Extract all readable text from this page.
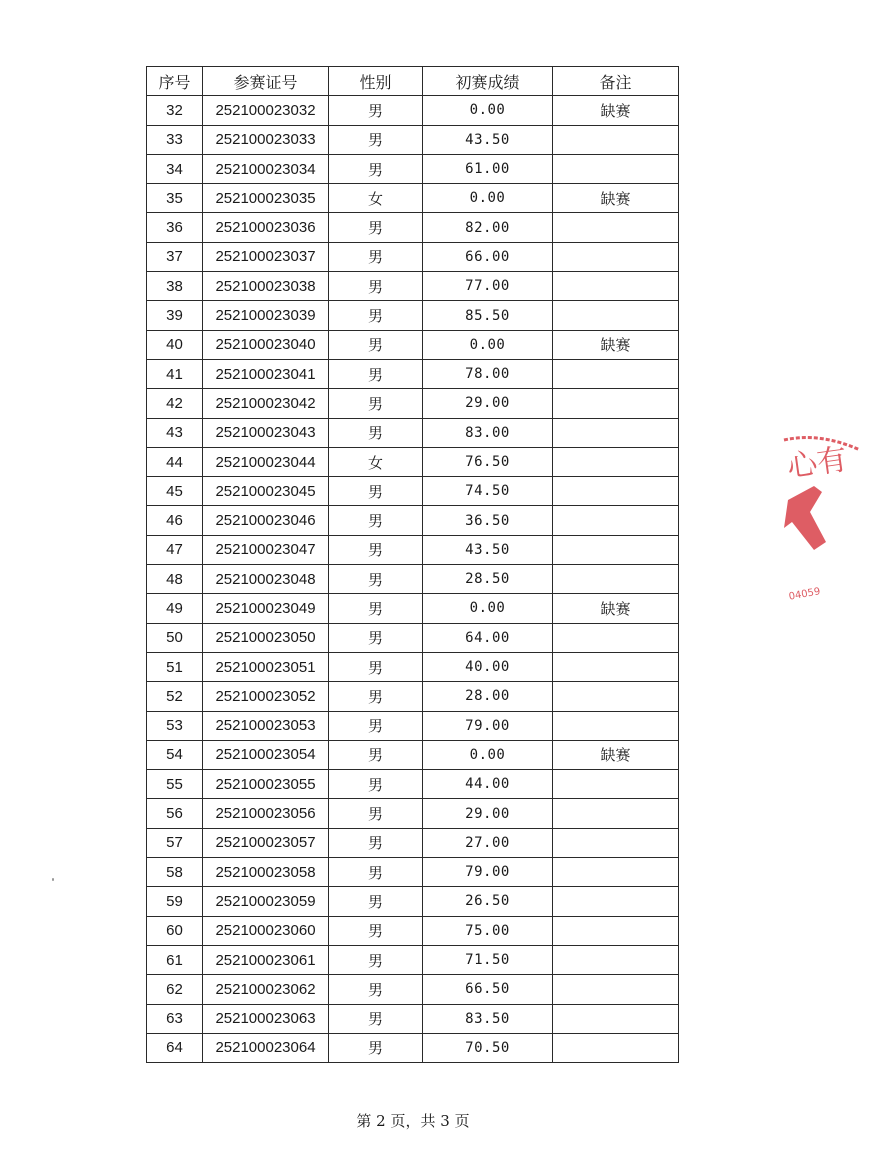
序号	参赛证号	性别	初赛成绩	备注
32	252100023032	男	0.00	缺赛
33	252100023033	男	43.50	
34	252100023034	男	61.00	
35	252100023035	女	0.00	缺赛
36	252100023036	男	82.00	
37	252100023037	男	66.00	
38	252100023038	男	77.00	
39	252100023039	男	85.50	
40	252100023040	男	0.00	缺赛
41	252100023041	男	78.00	
42	252100023042	男	29.00	
43	252100023043	男	83.00	
44	252100023044	女	76.50	
45	252100023045	男	74.50	
46	252100023046	男	36.50	
47	252100023047	男	43.50	
48	252100023048	男	28.50	
49	252100023049	男	0.00	缺赛
50	252100023050	男	64.00	
51	252100023051	男	40.00	
52	252100023052	男	28.00	
53	252100023053	男	79.00	
54	252100023054	男	0.00	缺赛
55	252100023055	男	44.00	
56	252100023056	男	29.00	
57	252100023057	男	27.00	
58	252100023058	男	79.00	
59	252100023059	男	26.50	
60	252100023060	男	75.00	
61	252100023061	男	71.50	
62	252100023062	男	66.50	
63	252100023063	男	83.50	
64	252100023064	男	70.50	
第 2 页，共 3 页
心有
04059
